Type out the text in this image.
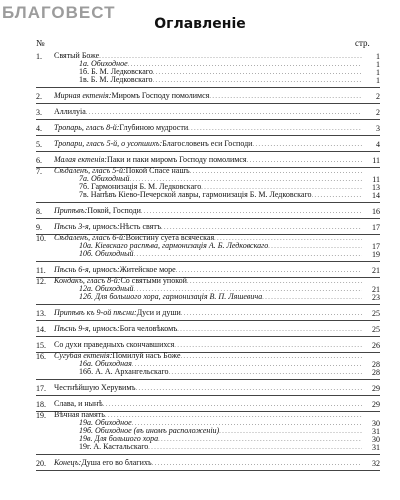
БЛАГОВЕСТ
Оглавленіе
№	стр.
1.	Святый Боже . . .	1
1а. Обиходное . . .	1
1б. Б. М. Ледковскаго . . .	1
1в. Б. М. Ледковскаго . . .	1
2.	Мирная ектенія: Миромъ Господу помолимся . . .	2
3.	Аллилуіа . . .	2
4.	Тропарь, гласъ 8-й: Глубиною мудрости . . .	3
5.	Тропари, гласъ 5-й, о усопшихъ: Благословенъ еси Господи . . .	4
6.	Малая ектенія: Паки и паки миромъ Господу помолимся . . .	11
7.	Сѣдаленъ, гласъ 5-й: Покой Спасе нашъ
. . .
7а. Обиходный . . .	11
7б. Гармонизація Б. М. Ледковскаго . . .	13
7в. Напѣвъ Кіево-Печерской лавры, гармонизація Б. М. Ледковскаго . . .	14
8.	Припѣвъ: Покой, Господи . . .	16
9.	Пѣснь 3-я, ирмосъ: Нѣсть святъ . . .	17
10.	Сѣдаленъ, гласъ 6-й: Воистину суета всяческая
. . .
10а. Кіевскаго распѣва, гармонизація А. Б. Ледковскаго . . .	17
10б. Обиходный . . .	19
11.	Пѣснь 6-я, ирмосъ: Житейское море . . .	21
12.	Кондакъ, гласъ 8-й: Со святыми упокой
. . .
12а. Обиходный . . .	21
12б. Для большого хора, гармонизація В. П. Ляшевича . . .	23
13.	Припѣвъ къ 9-ой пѣсни: Дуси и души . . .	25
14.	Пѣснь 9-я, ирмосъ: Бога человѣкомъ . . .	25
15.	Со духи праведныхъ скончавшихся . . .	26
16.	Сугубая ектенія: Помилуй насъ Боже
. . .
16а. Обиходная . . .	28
16б. А. А. Архангельскаго . . .	28
17.	Честнѣйшую Херувимъ . . .	29
18.	Слава, и нынѣ . . .	29
19.	Вѣчная память
. . .
19а. Обиходное . . .	30
19б. Обиходное (въ иномъ расположеніи) . . .	31
19в. Для большого хора . . .	30
19г. А. Кастальскаго . . .	31
20.	Конецъ: Душа его во благихъ . . .	32
